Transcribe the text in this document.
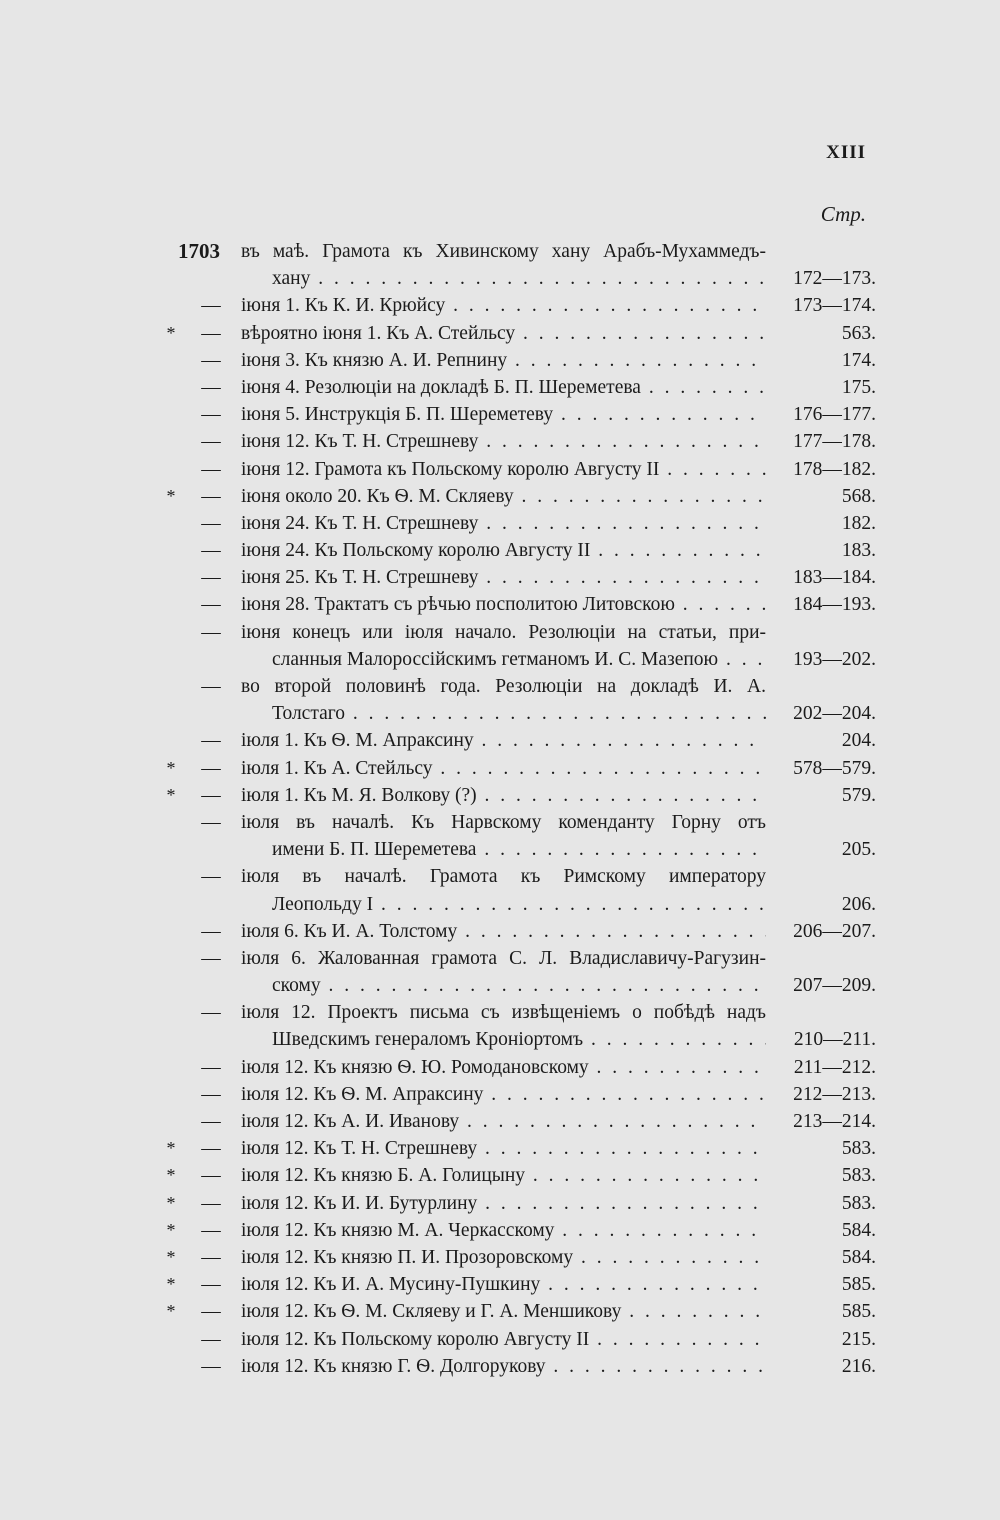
XIII
Стр.
1703 въ маѣ. Грамота къ Хивинскому хану Арабъ-Мухаммедъ-
хану . . .	172—173.
— іюня 1. Къ К. И. Крюйсу . . .	173—174.
* — вѣроятно іюня 1. Къ А. Стейльсу . . .	563.
— іюня 3. Къ князю А. И. Репнину . . .	174.
— іюня 4. Резолюціи на докладѣ Б. П. Шереметева . . .	175.
— іюня 5. Инструкція Б. П. Шереметеву . . .	176—177.
— іюня 12. Къ Т. Н. Стрешневу . . .	177—178.
— іюня 12. Грамота къ Польскому королю Августу II . . .	178—182.
* — іюня около 20. Къ Ѳ. М. Скляеву . . .	568.
— іюня 24. Къ Т. Н. Стрешневу . . .	182.
— іюня 24. Къ Польскому королю Августу II . . .	183.
— іюня 25. Къ Т. Н. Стрешневу . . .	183—184.
— іюня 28. Трактатъ съ рѣчью посполитою Литовскою . . .	184—193.
— іюня конецъ или іюля начало. Резолюціи на статьи, при-
сланныя Малороссійскимъ гетманомъ И. С. Мазепою . . .	193—202.
— во второй половинѣ года. Резолюціи на докладѣ И. А.
Толстаго . . .	202—204.
— іюля 1. Къ Ѳ. М. Апраксину . . .	204.
* — іюля 1. Къ А. Стейльсу . . .	578—579.
* — іюля 1. Къ М. Я. Волкову (?) . . .	579.
— іюля въ началѣ. Къ Нарвскому коменданту Горну отъ
имени Б. П. Шереметева . . .	205.
— іюля въ началѣ. Грамота къ Римскому императору
Леопольду I . . .	206.
— іюля 6. Къ И. А. Толстому . . .	206—207.
— іюля 6. Жалованная грамота С. Л. Владиславичу-Рагузин-
скому . . .	207—209.
— іюля 12. Проектъ письма съ извѣщеніемъ о побѣдѣ надъ
Шведскимъ генераломъ Кроніортомъ . . .	210—211.
— іюля 12. Къ князю Ѳ. Ю. Ромодановскому . . .	211—212.
— іюля 12. Къ Ѳ. М. Апраксину . . .	212—213.
— іюля 12. Къ А. И. Иванову . . .	213—214.
* — іюля 12. Къ Т. Н. Стрешневу . . .	583.
* — іюля 12. Къ князю Б. А. Голицыну . . .	583.
* — іюля 12. Къ И. И. Бутурлину . . .	583.
* — іюля 12. Къ князю М. А. Черкасскому . . .	584.
* — іюля 12. Къ князю П. И. Прозоровскому . . .	584.
* — іюля 12. Къ И. А. Мусину-Пушкину . . .	585.
* — іюля 12. Къ Ѳ. М. Скляеву и Г. А. Меншикову . . .	585.
— іюля 12. Къ Польскому королю Августу II . . .	215.
— іюля 12. Къ князю Г. Ѳ. Долгорукову . . .	216.
